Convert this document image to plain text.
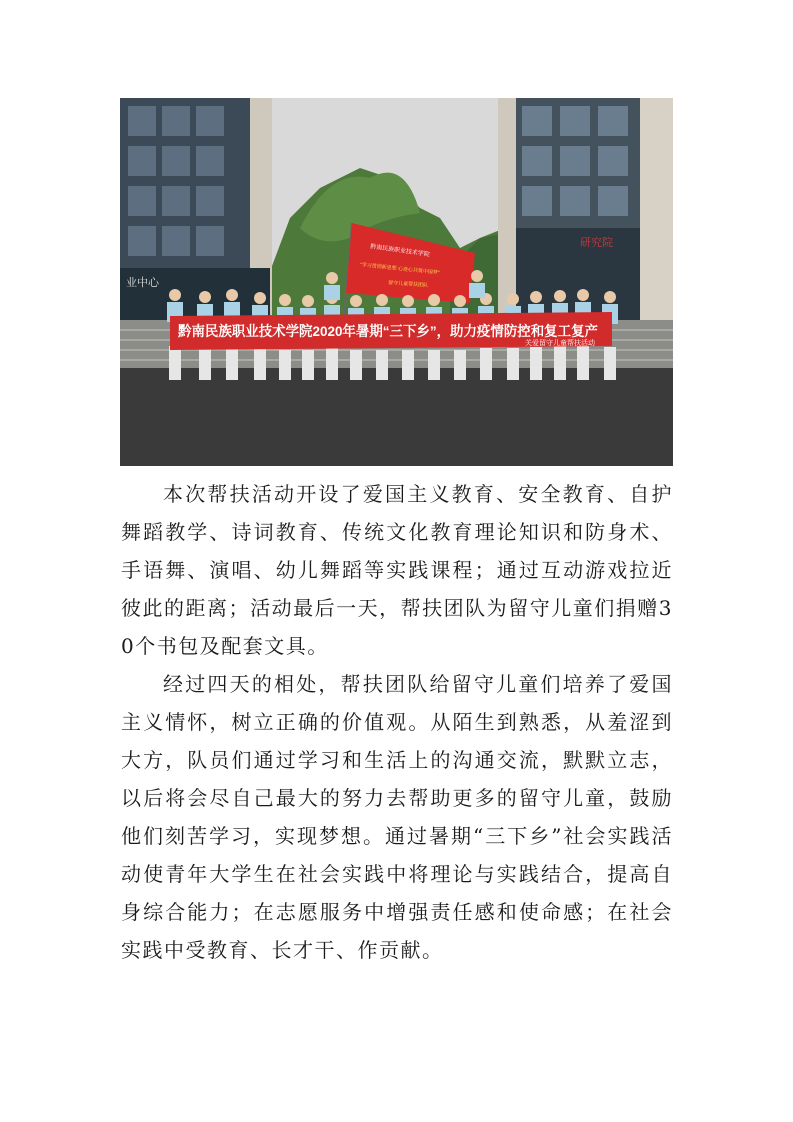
业中心
研究院
黔南民族职业技术学院
“学习贯彻新思想 心连心共筑中国梦”
留守儿童帮扶团队
黔南民族职业技术学院2020年暑期“三下乡”，助力疫情防控和复工复产
关爱留守儿童帮扶活动

本次帮扶活动开设了爱国主义教育、安全教育、自护舞蹈教学、诗词教育、传统文化教育理论知识和防身术、手语舞、演唱、幼儿舞蹈等实践课程；通过互动游戏拉近彼此的距离；活动最后一天，帮扶团队为留守儿童们捐赠30个书包及配套文具。

经过四天的相处，帮扶团队给留守儿童们培养了爱国主义情怀，树立正确的价值观。从陌生到熟悉，从羞涩到大方，队员们通过学习和生活上的沟通交流，默默立志，以后将会尽自己最大的努力去帮助更多的留守儿童，鼓励他们刻苦学习，实现梦想。通过暑期“三下乡”社会实践活动使青年大学生在社会实践中将理论与实践结合，提高自身综合能力；在志愿服务中增强责任感和使命感；在社会实践中受教育、长才干、作贡献。
